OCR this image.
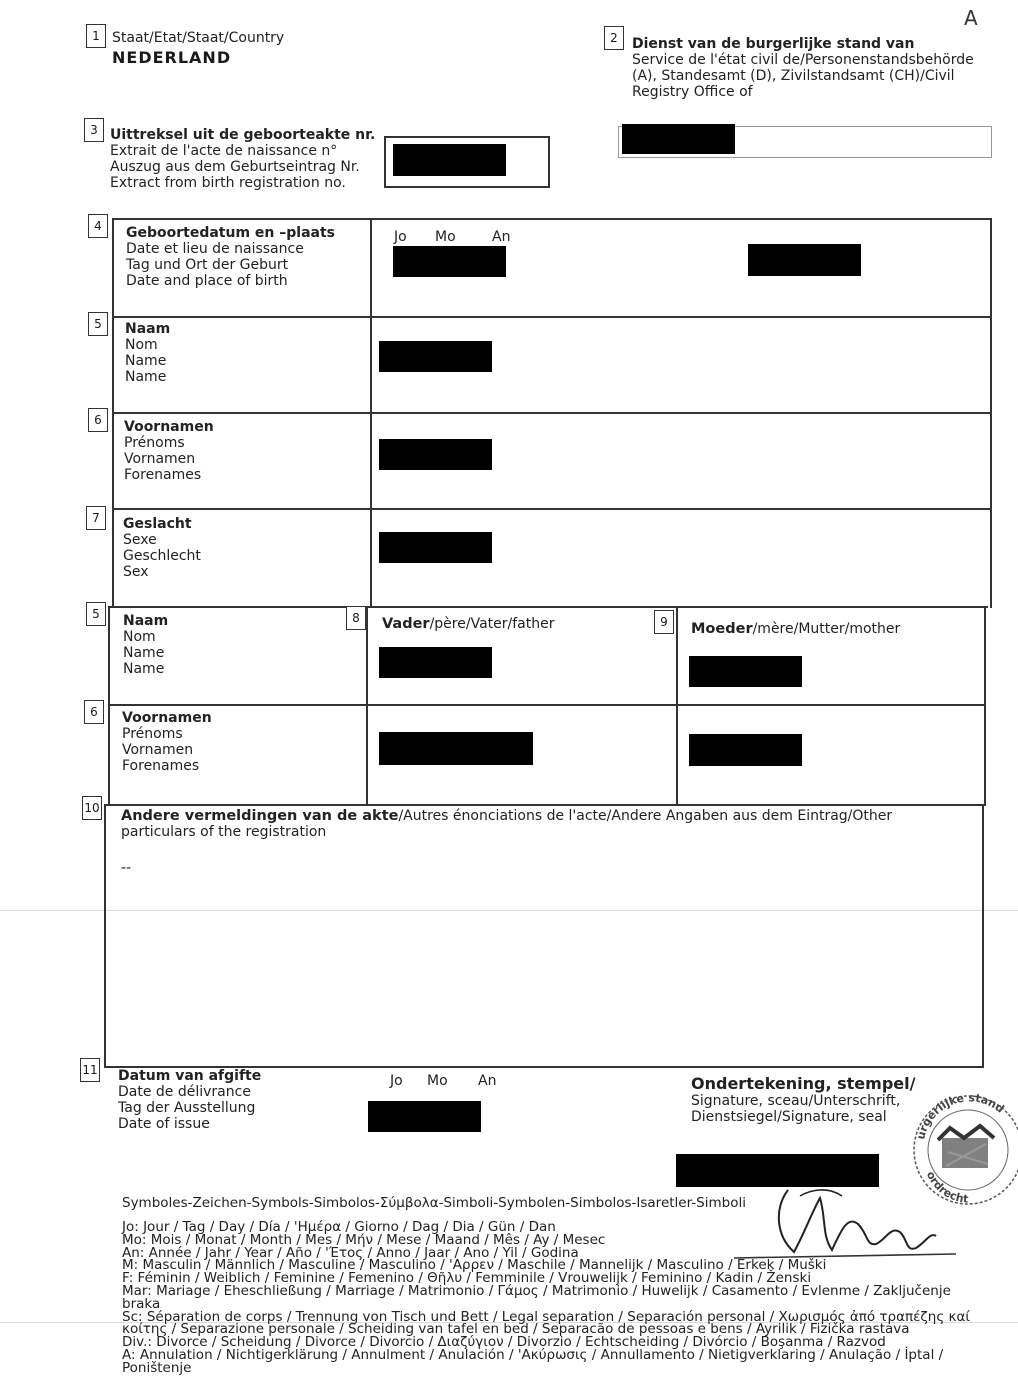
A
1 Staat/Etat/Staat/Country
NEDERLAND
2	Dienst van de burgerlijke stand van
Service de l'état civil de/Personenstandsbehörde
(A), Standesamt (D), Zivilstandsamt (CH)/Civil
Registry Office of
3 Uittreksel uit de geboorteakte nr.
Extrait de l'acte de naissance n°
Auszug aus dem Geburtseintrag Nr.
Extract from birth registration no.
4	Geboortedatum en –plaats
Date et lieu de naissance
Tag und Ort der Geburt
Date and place of birth
Jo Mo	An
5	Naam
Nom
Name
Name
6	Voornamen
Prénoms
Vornamen
Forenames
7	Geslacht
Sexe
Geschlecht
Sex
5	Naam
Nom
Name
Name
8	Vader/père/Vater/father	9	Moeder/mère/Mutter/mother
6	Voornamen
Prénoms
Vornamen
Forenames
10 Andere vermeldingen van de akte/Autres énonciations de l'acte/Andere Angaben aus dem Eintrag/Other
particulars of the registration
--
11 Datum van afgifte
Date de délivrance
Tag der Ausstellung
Date of issue
Jo Mo An	Ondertekening, stempel/
Signature, sceau/Unterschrift,
Dienstsiegel/Signature, seal
urgerlijke stand
ordrecht
Symboles-Zeichen-Symbols-Simbolos-Σύμβολα-Simboli-Symbolen-Simbolos-Isaretler-Simboli
Jo: Jour / Tag / Day / Día / 'Ημέρα / Giorno / Dag / Dia / Gün / Dan
Mo: Mois / Monat / Month / Mes / Μήν / Mese / Maand / Mês / Ay / Mesec
An: Année / Jahr / Year / Año / 'Έτος / Anno / Jaar / Ano / Yil / Godina
M: Masculin / Männlich / Masculine / Masculino / 'Αρρεν / Maschile / Mannelijk / Masculino / Erkek / Muški
F: Féminin / Weiblich / Feminine / Femenino / Θῆλυ / Femminile / Vrouwelijk / Feminino / Kadin / Ženski
Mar: Mariage / Eheschließung / Marriage / Matrimonio / Γάμος / Matrimonio / Huwelijk / Casamento / Evlenme / Zaključenje
braka
Sc: Séparation de corps / Trennung von Tisch und Bett / Legal separation / Separación personal / Χωρισμός ἀπό τραπέζης καί
κοίτης / Separazione personale / Scheiding van tafel en bed / Separacão de pessoas e bens / Ayrilik / Fizička rastava
Div.: Divorce / Scheidung / Divorce / Divorcio / Διαζύγιον / Divorzio / Echtscheiding / Divórcio / Boşanma / Razvod
A: Annulation / Nichtigerklärung / Annulment / Anulación / 'Ακύρωσις / Annullamento / Nietigverklaring / Anulação / İptal /
Poništenje
